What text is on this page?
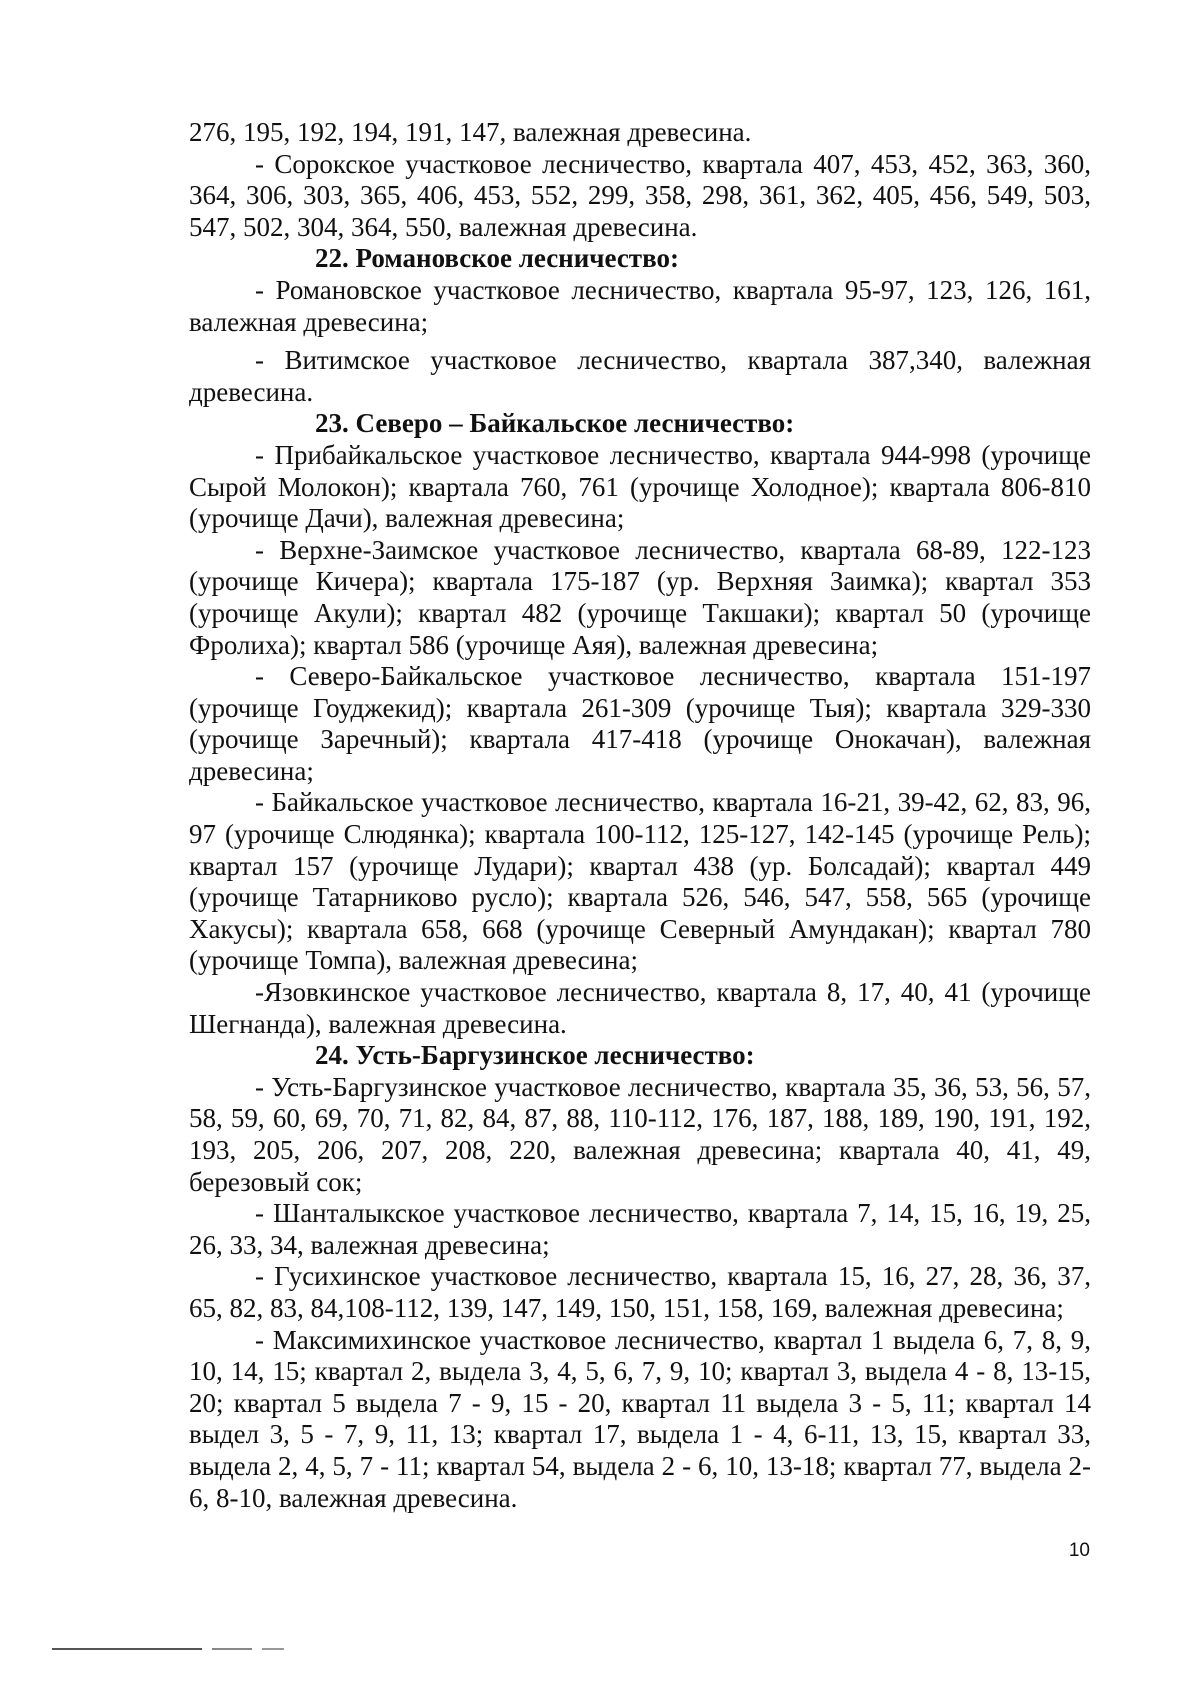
276, 195, 192, 194, 191, 147, валежная древесина.

- Сорокское участковое лесничество, квартала 407, 453, 452, 363, 360, 364, 306, 303, 365, 406, 453, 552, 299, 358, 298, 361, 362, 405, 456, 549, 503, 547, 502, 304, 364, 550, валежная древесина.

22. Романовское лесничество:

- Романовское участковое лесничество, квартала 95-97, 123, 126, 161, валежная древесина;

- Витимское участковое лесничество, квартала 387,340, валежная древесина.

23. Северо – Байкальское лесничество:

- Прибайкальское участковое лесничество, квартала 944-998 (урочище Сырой Молокон); квартала 760, 761 (урочище Холодное); квартала 806-810 (урочище Дачи), валежная древесина;

- Верхне-Заимское участковое лесничество, квартала 68-89, 122-123 (урочище Кичера); квартала 175-187 (ур. Верхняя Заимка); квартал 353 (урочище Акули); квартал 482 (урочище Такшаки); квартал 50 (урочище Фролиха); квартал 586 (урочище Аяя), валежная древесина;

- Северо-Байкальское участковое лесничество, квартала 151-197 (урочище Гоуджекид); квартала 261-309 (урочище Тыя); квартала 329-330 (урочище Заречный); квартала 417-418 (урочище Онокачан), валежная древесина;

- Байкальское участковое лесничество, квартала 16-21, 39-42, 62, 83, 96, 97 (урочище Слюдянка); квартала 100-112, 125-127, 142-145 (урочище Рель); квартал 157 (урочище Лудари); квартал 438 (ур. Болсадай); квартал 449 (урочище Татарниково русло); квартала 526, 546, 547, 558, 565 (урочище Хакусы); квартала 658, 668 (урочище Северный Амундакан); квартал 780 (урочище Томпа), валежная древесина;

-Язовкинское участковое лесничество, квартала 8, 17, 40, 41 (урочище Шегнанда), валежная древесина.

24. Усть-Баргузинское лесничество:

- Усть-Баргузинское участковое лесничество, квартала 35, 36, 53, 56, 57, 58, 59, 60, 69, 70, 71, 82, 84, 87, 88, 110-112, 176, 187, 188, 189, 190, 191, 192, 193, 205, 206, 207, 208, 220, валежная древесина; квартала 40, 41, 49, березовый сок;

- Шанталыкское участковое лесничество, квартала 7, 14, 15, 16, 19, 25, 26, 33, 34, валежная древесина;

- Гусихинское участковое лесничество, квартала 15, 16, 27, 28, 36, 37, 65, 82, 83, 84,108-112, 139, 147, 149, 150, 151, 158, 169, валежная древесина;

- Максимихинское участковое лесничество, квартал 1 выдела 6, 7, 8, 9, 10, 14, 15; квартал 2, выдела 3, 4, 5, 6, 7, 9, 10; квартал 3, выдела 4 - 8, 13-15, 20; квартал 5 выдела 7 - 9, 15 - 20, квартал 11 выдела 3 - 5, 11; квартал 14 выдел 3, 5 - 7, 9, 11, 13; квартал 17, выдела 1 - 4, 6-11, 13, 15, квартал 33, выдела 2, 4, 5, 7 - 11; квартал 54, выдела 2 - 6, 10, 13-18; квартал 77, выдела 2-6, 8-10, валежная древесина.

10
